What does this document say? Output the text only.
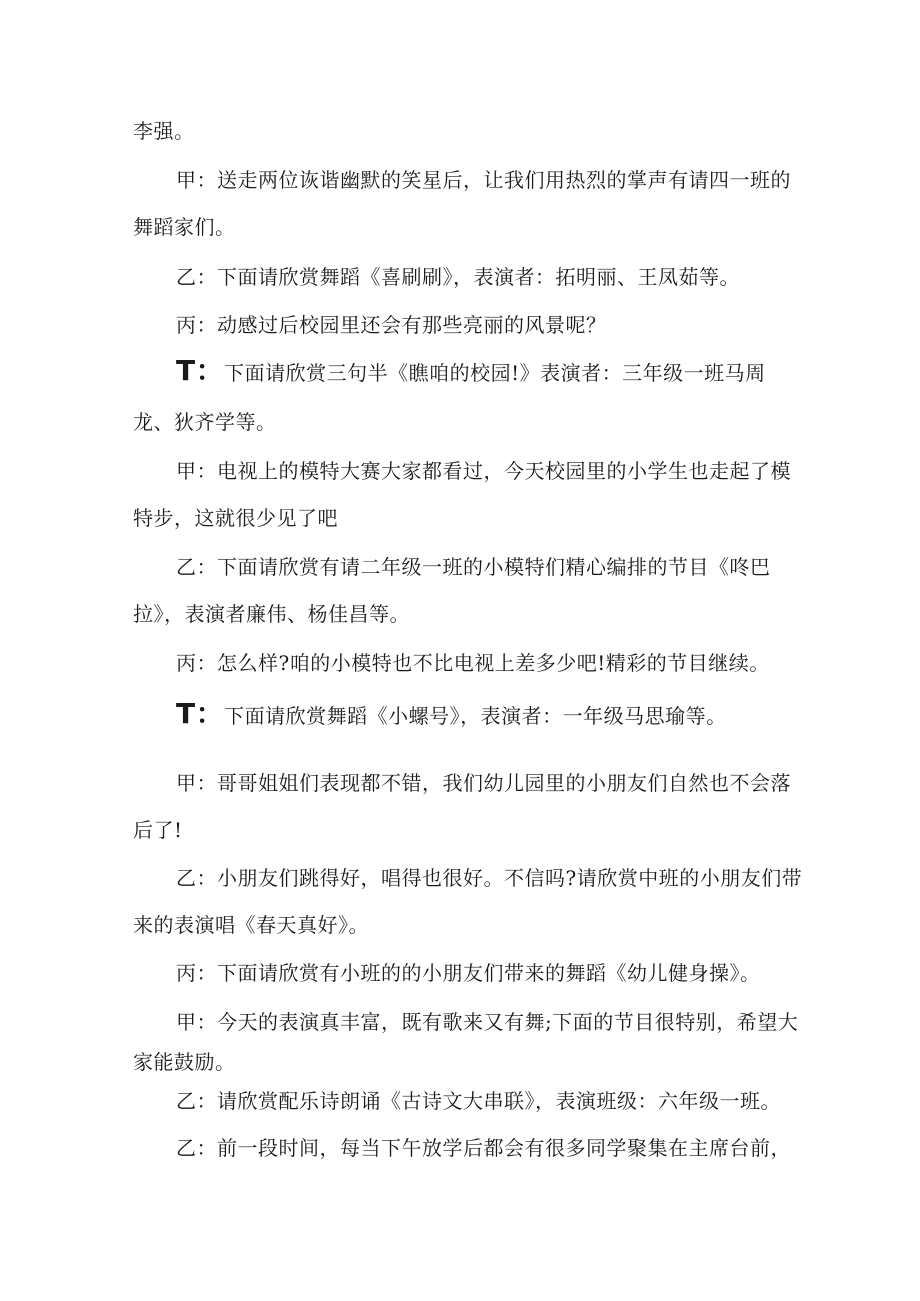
李强。
甲：送走两位诙谐幽默的笑星后，让我们用热烈的掌声有请四一班的
舞蹈家们。
乙：下面请欣赏舞蹈《喜刷刷》，表演者：拓明丽、王凤茹等。
丙：动感过后校园里还会有那些亮丽的风景呢？
T：下面请欣赏三句半《瞧咱的校园!》表演者：三年级一班马周
龙、狄齐学等。
甲：电视上的模特大赛大家都看过，今天校园里的小学生也走起了模
特步，这就很少见了吧
乙：下面请欣赏有请二年级一班的小模特们精心编排的节目《咚巴
拉》，表演者廉伟、杨佳昌等。
丙：怎么样?咱的小模特也不比电视上差多少吧!精彩的节目继续。
T：下面请欣赏舞蹈《小螺号》，表演者：一年级马思瑜等。
甲：哥哥姐姐们表现都不错，我们幼儿园里的小朋友们自然也不会落
后了!
乙：小朋友们跳得好，唱得也很好。不信吗?请欣赏中班的小朋友们带
来的表演唱《春天真好》。
丙：下面请欣赏有小班的的小朋友们带来的舞蹈《幼儿健身操》。
甲：今天的表演真丰富，既有歌来又有舞;下面的节目很特别，希望大
家能鼓励。
乙：请欣赏配乐诗朗诵《古诗文大串联》，表演班级：六年级一班。
乙：前一段时间，每当下午放学后都会有很多同学聚集在主席台前，
